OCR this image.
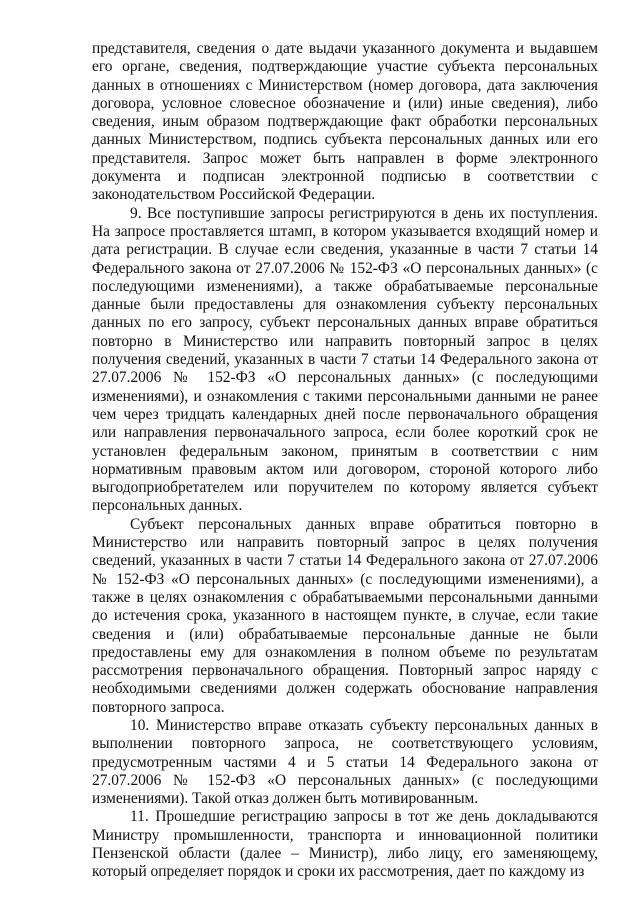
представителя, сведения о дате выдачи указанного документа и выдавшем его органе, сведения, подтверждающие участие субъекта персональных данных в отношениях с Министерством (номер договора, дата заключения договора, условное словесное обозначение и (или) иные сведения), либо сведения, иным образом подтверждающие факт обработки персональных данных Министерством, подпись субъекта персональных данных или его представителя. Запрос может быть направлен в форме электронного документа и подписан электронной подписью в соответствии с законодательством Российской Федерации.

9. Все поступившие запросы регистрируются в день их поступления. На запросе проставляется штамп, в котором указывается входящий номер и дата регистрации. В случае если сведения, указанные в части 7 статьи 14 Федерального закона от 27.07.2006 № 152-ФЗ «О персональных данных» (с последующими изменениями), а также обрабатываемые персональные данные были предоставлены для ознакомления субъекту персональных данных по его запросу, субъект персональных данных вправе обратиться повторно в Министерство или направить повторный запрос в целях получения сведений, указанных в части 7 статьи 14 Федерального закона от 27.07.2006 № 152-ФЗ «О персональных данных» (с последующими изменениями), и ознакомления с такими персональными данными не ранее чем через тридцать календарных дней после первоначального обращения или направления первоначального запроса, если более короткий срок не установлен федеральным законом, принятым в соответствии с ним нормативным правовым актом или договором, стороной которого либо выгодоприобретателем или поручителем по которому является субъект персональных данных.

Субъект персональных данных вправе обратиться повторно в Министерство или направить повторный запрос в целях получения сведений, указанных в части 7 статьи 14 Федерального закона от 27.07.2006 № 152-ФЗ «О персональных данных» (с последующими изменениями), а также в целях ознакомления с обрабатываемыми персональными данными до истечения срока, указанного в настоящем пункте, в случае, если такие сведения и (или) обрабатываемые персональные данные не были предоставлены ему для ознакомления в полном объеме по результатам рассмотрения первоначального обращения. Повторный запрос наряду с необходимыми сведениями должен содержать обоснование направления повторного запроса.

10. Министерство вправе отказать субъекту персональных данных в выполнении повторного запроса, не соответствующего условиям, предусмотренным частями 4 и 5 статьи 14 Федерального закона от 27.07.2006 № 152-ФЗ «О персональных данных» (с последующими изменениями). Такой отказ должен быть мотивированным.

11. Прошедшие регистрацию запросы в тот же день докладываются Министру промышленности, транспорта и инновационной политики Пензенской области (далее – Министр), либо лицу, его заменяющему, который определяет порядок и сроки их рассмотрения, дает по каждому из
